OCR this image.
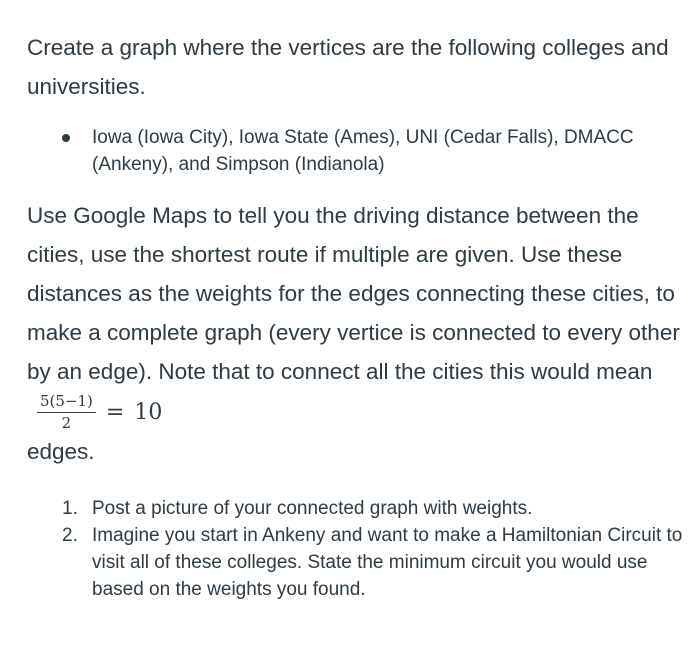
Create a graph where the vertices are the following colleges and universities.

Iowa (Iowa City), Iowa State (Ames), UNI (Cedar Falls), DMACC (Ankeny), and Simpson (Indianola)

Use Google Maps to tell you the driving distance between the cities, use the shortest route if multiple are given. Use these distances as the weights for the edges connecting these cities, to make a complete graph (every vertice is connected to every other by an edge). Note that to connect all the cities this would mean
$\frac{5(5-1)}{2} = 10$

edges.

Post a picture of your connected graph with weights.
Imagine you start in Ankeny and want to make a Hamiltonian Circuit to visit all of these colleges. State the minimum circuit you would use based on the weights you found.
